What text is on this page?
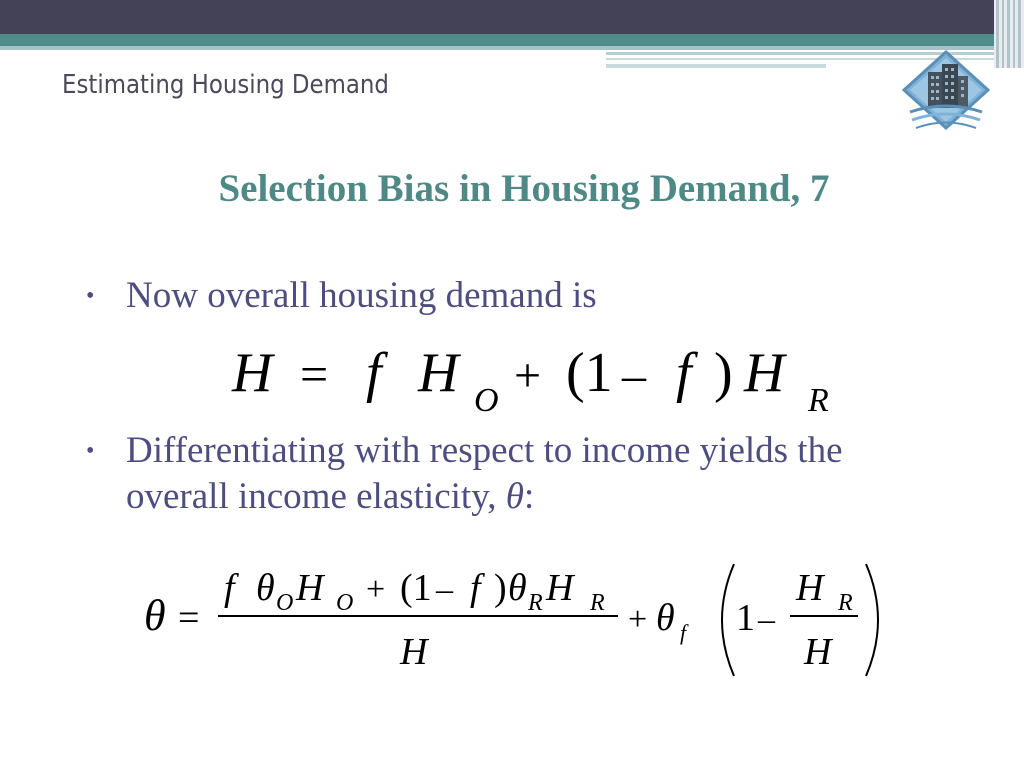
Estimating Housing Demand
Selection Bias in Housing Demand, 7
• Now overall housing demand is
H = f H O + (1 – f ) H R
• Differentiating with respect to income yields the overall income elasticity, θ:
θ =
f θ O H O + (1 – f ) θ R H R
H
+ θ f 1 –
H R
H
